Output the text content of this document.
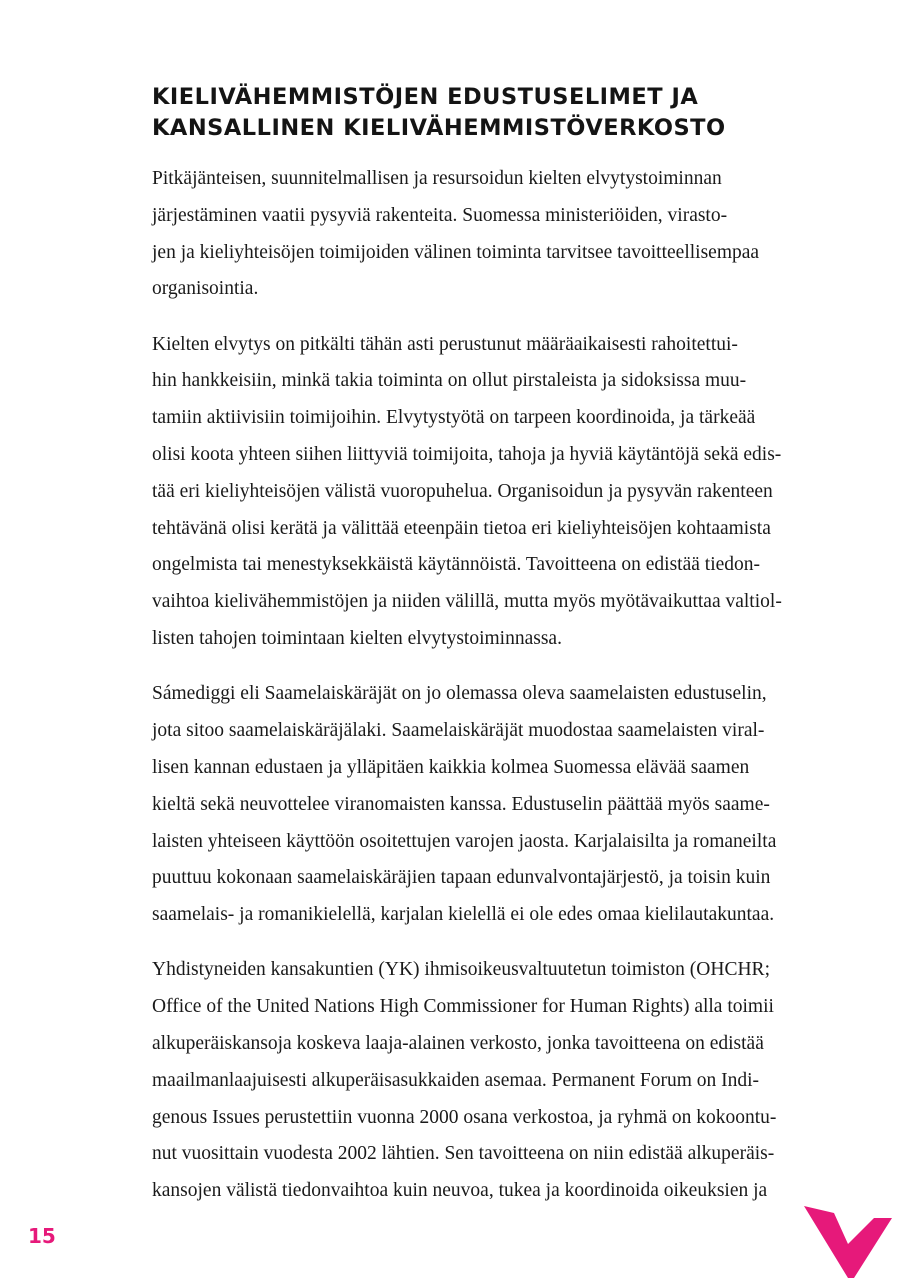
KIELIVÄHEMMISTÖJEN EDUSTUSELIMET JA
KANSALLINEN KIELIVÄHEMMISTÖVERKOSTO

Pitkäjänteisen, suunnitelmallisen ja resursoidun kielten elvytystoiminnan
järjestäminen vaatii pysyviä rakenteita. Suomessa ministeriöiden, virasto-
jen ja kieliyhteisöjen toimijoiden välinen toiminta tarvitsee tavoitteellisempaa
organisointia.

Kielten elvytys on pitkälti tähän asti perustunut määräaikaisesti rahoitettui-
hin hankkeisiin, minkä takia toiminta on ollut pirstaleista ja sidoksissa muu-
tamiin aktiivisiin toimijoihin. Elvytystyötä on tarpeen koordinoida, ja tärkeää
olisi koota yhteen siihen liittyviä toimijoita, tahoja ja hyviä käytäntöjä sekä edis-
tää eri kieliyhteisöjen välistä vuoropuhelua. Organisoidun ja pysyvän rakenteen
tehtävänä olisi kerätä ja välittää eteenpäin tietoa eri kieliyhteisöjen kohtaamista
ongelmista tai menestyksekkäistä käytännöistä. Tavoitteena on edistää tiedon-
vaihtoa kielivähemmistöjen ja niiden välillä, mutta myös myötävaikuttaa valtiol-
listen tahojen toimintaan kielten elvytystoiminnassa.

Sámediggi eli Saamelaiskäräjät on jo olemassa oleva saamelaisten edustuselin,
jota sitoo saamelaiskäräjälaki. Saamelaiskäräjät muodostaa saamelaisten viral-
lisen kannan edustaen ja ylläpitäen kaikkia kolmea Suomessa elävää saamen
kieltä sekä neuvottelee viranomaisten kanssa. Edustuselin päättää myös saame-
laisten yhteiseen käyttöön osoitettujen varojen jaosta. Karjalaisilta ja romaneilta
puuttuu kokonaan saamelaiskäräjien tapaan edunvalvontajärjestö, ja toisin kuin
saamelais- ja romanikielellä, karjalan kielellä ei ole edes omaa kielilautakuntaa.

Yhdistyneiden kansakuntien (YK) ihmisoikeusvaltuutetun toimiston (OHCHR;
Office of the United Nations High Commissioner for Human Rights) alla toimii
alkuperäiskansoja koskeva laaja-alainen verkosto, jonka tavoitteena on edistää
maailmanlaajuisesti alkuperäisasukkaiden asemaa. Permanent Forum on Indi-
genous Issues perustettiin vuonna 2000 osana verkostoa, ja ryhmä on kokoontu-
nut vuosittain vuodesta 2002 lähtien. Sen tavoitteena on niin edistää alkuperäis-
kansojen välistä tiedonvaihtoa kuin neuvoa, tukea ja koordinoida oikeuksien ja

15
